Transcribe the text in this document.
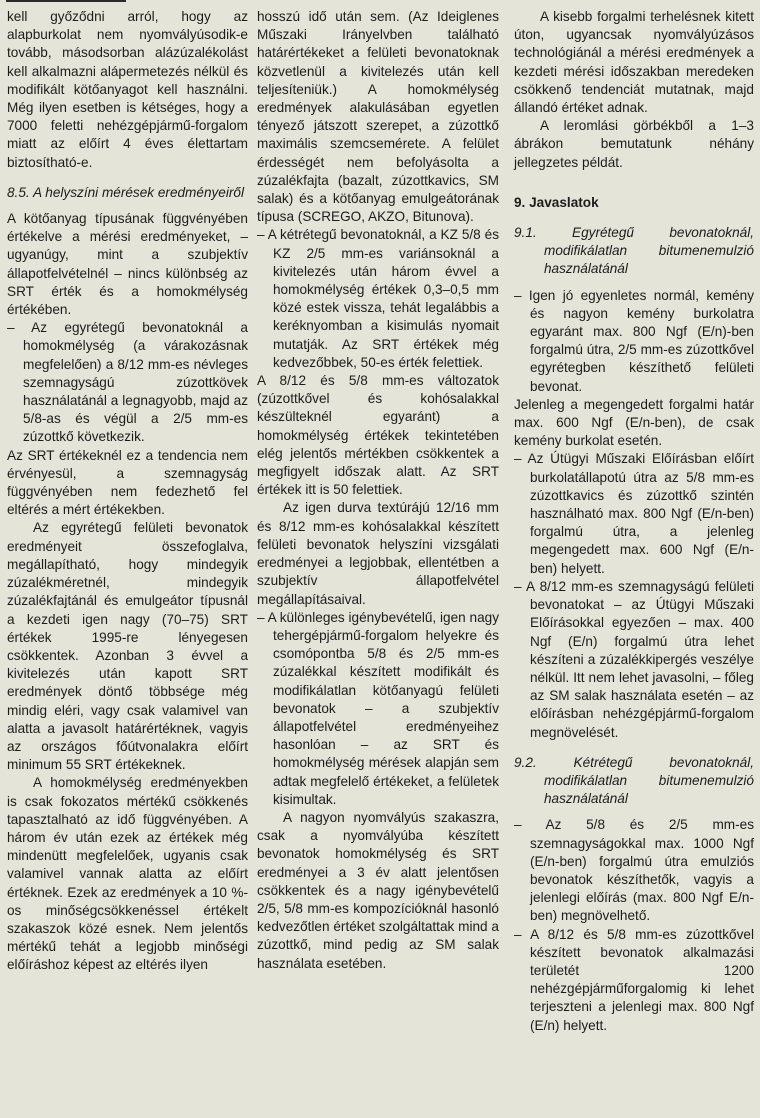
kell győződni arról, hogy az alapburkolat nem nyomvályúsodik-e tovább, másodsorban alázúzalékolást kell alkalmazni alápermetezés nélkül és modifikált kötőanyagot kell használni. Még ilyen esetben is kétséges, hogy a 7000 feletti nehézgépjármű-forgalom miatt az előírt 4 éves élettartam biztosítható-e.

8.5. A helyszíni mérések eredményeiről

A kötőanyag típusának függvényében értékelve a mérési eredményeket, – ugyanúgy, mint a szubjektív állapotfelvételnél – nincs különbség az SRT érték és a homokmélység értékében.

– Az egyrétegű bevonatoknál a homokmélység (a várakozásnak megfelelően) a 8/12 mm-es névleges szemnagyságú zúzottkövek használatánál a legnagyobb, majd az 5/8-as és végül a 2/5 mm-es zúzottkő következik.

Az SRT értékeknél ez a tendencia nem érvényesül, a szemnagyság függvényében nem fedezhető fel eltérés a mért értékekben.

Az egyrétegű felületi bevonatok eredményeit összefoglalva, megállapítható, hogy mindegyik zúzalékméretnél, mindegyik zúzalékfajtánál és emulgeátor típusnál a kezdeti igen nagy (70–75) SRT értékek 1995-re lényegesen csökkentek. Azonban 3 évvel a kivitelezés után kapott SRT eredmények döntő többsége még mindig eléri, vagy csak valamivel van alatta a javasolt határértéknek, vagyis az országos főútvonalakra előírt minimum 55 SRT értékeknek.

A homokmélység eredményekben is csak fokozatos mértékű csökkenés tapasztalható az idő függvényében. A három év után ezek az értékek még mindenütt megfelelőek, ugyanis csak valamivel vannak alatta az előírt értéknek. Ezek az eredmények a 10 %-os minőségcsökkenéssel értékelt szakaszok közé esnek. Nem jelentős mértékű tehát a legjobb minőségi előíráshoz képest az eltérés ilyen

hosszú idő után sem. (Az Ideiglenes Műszaki Irányelvben található határértékeket a felületi bevonatoknak közvetlenül a kivitelezés után kell teljesíteniük.) A homokmélység eredmények alakulásában egyetlen tényező játszott szerepet, a zúzottkő maximális szemcsemérete. A felület érdességét nem befolyásolta a zúzalékfajta (bazalt, zúzottkavics, SM salak) és a kötőanyag emulgeátorának típusa (SCREGO, AKZO, Bitunova).

– A kétrétegű bevonatoknál, a KZ 5/8 és KZ 2/5 mm-es variánsoknál a kivitelezés után három évvel a homokmélység értékek 0,3–0,5 mm közé estek vissza, tehát legalábbis a keréknyomban a kisimulás nyomait mutatják. Az SRT értékek még kedvezőbbek, 50-es érték felettiek.

A 8/12 és 5/8 mm-es változatok (zúzottkővel és kohósalakkal készülteknél egyaránt) a homokmélység értékek tekintetében elég jelentős mértékben csökkentek a megfigyelt időszak alatt. Az SRT értékek itt is 50 felettiek.

Az igen durva textúrájú 12/16 mm és 8/12 mm-es kohósalakkal készített felületi bevonatok helyszíni vizsgálati eredményei a legjobbak, ellentétben a szubjektív állapotfelvétel megállapításaival.

– A különleges igénybevételű, igen nagy tehergépjármű-forgalom helyekre és csomópontba 5/8 és 2/5 mm-es zúzalékkal készített modifikált és modifikálatlan kötőanyagú felületi bevonatok – a szubjektív állapotfelvétel eredményeihez hasonlóan – az SRT és homokmélység mérések alapján sem adtak megfelelő értékeket, a felületek kisimultak.

A nagyon nyomvályús szakaszra, csak a nyomvályúba készített bevonatok homokmélység és SRT eredményei a 3 év alatt jelentősen csökkentek és a nagy igénybevételű 2/5, 5/8 mm-es kompozícióknál hasonló kedvezőtlen értéket szolgáltattak mind a zúzottkő, mind pedig az SM salak használata esetében.

A kisebb forgalmi terhelésnek kitett úton, ugyancsak nyomvályúzásos technológiánál a mérési eredmények a kezdeti mérési időszakban meredeken csökkenő tendenciát mutatnak, majd állandó értéket adnak.

A leromlási görbékből a 1–3 ábrákon bemutatunk néhány jellegzetes példát.

9. Javaslatok

9.1. Egyrétegű bevonatoknál, modifikálatlan bitumenemulzió használatánál

– Igen jó egyenletes normál, kemény és nagyon kemény burkolatra egyaránt max. 800 Ngf (E/n)-ben forgalmú útra, 2/5 mm-es zúzottkővel egyrétegben készíthető felületi bevonat.

Jelenleg a megengedett forgalmi határ max. 600 Ngf (E/n-ben), de csak kemény burkolat esetén.

– Az Útügyi Műszaki Előírásban előírt burkolatállapotú útra az 5/8 mm-es zúzottkavics és zúzottkő szintén használható max. 800 Ngf (E/n-ben) forgalmú útra, a jelenleg megengedett max. 600 Ngf (E/n-ben) helyett.

– A 8/12 mm-es szemnagyságú felületi bevonatokat – az Útügyi Műszaki Előírásokkal egyezően – max. 400 Ngf (E/n) forgalmú útra lehet készíteni a zúzalékkipergés veszélye nélkül. Itt nem lehet javasolni, – főleg az SM salak használata esetén – az előírásban nehézgépjármű-forgalom megnövelését.

9.2. Kétrétegű bevonatoknál, modifikálatlan bitumenemulzió használatánál

– Az 5/8 és 2/5 mm-es szemnagyságokkal max. 1000 Ngf (E/n-ben) forgalmú útra emulziós bevonatok készíthetők, vagyis a jelenlegi előírás (max. 800 Ngf E/n-ben) megnövelhető.

– A 8/12 és 5/8 mm-es zúzottkővel készített bevonatok alkalmazási területét 1200 nehézgépjárműforgalomig ki lehet terjeszteni a jelenlegi max. 800 Ngf (E/n) helyett.
